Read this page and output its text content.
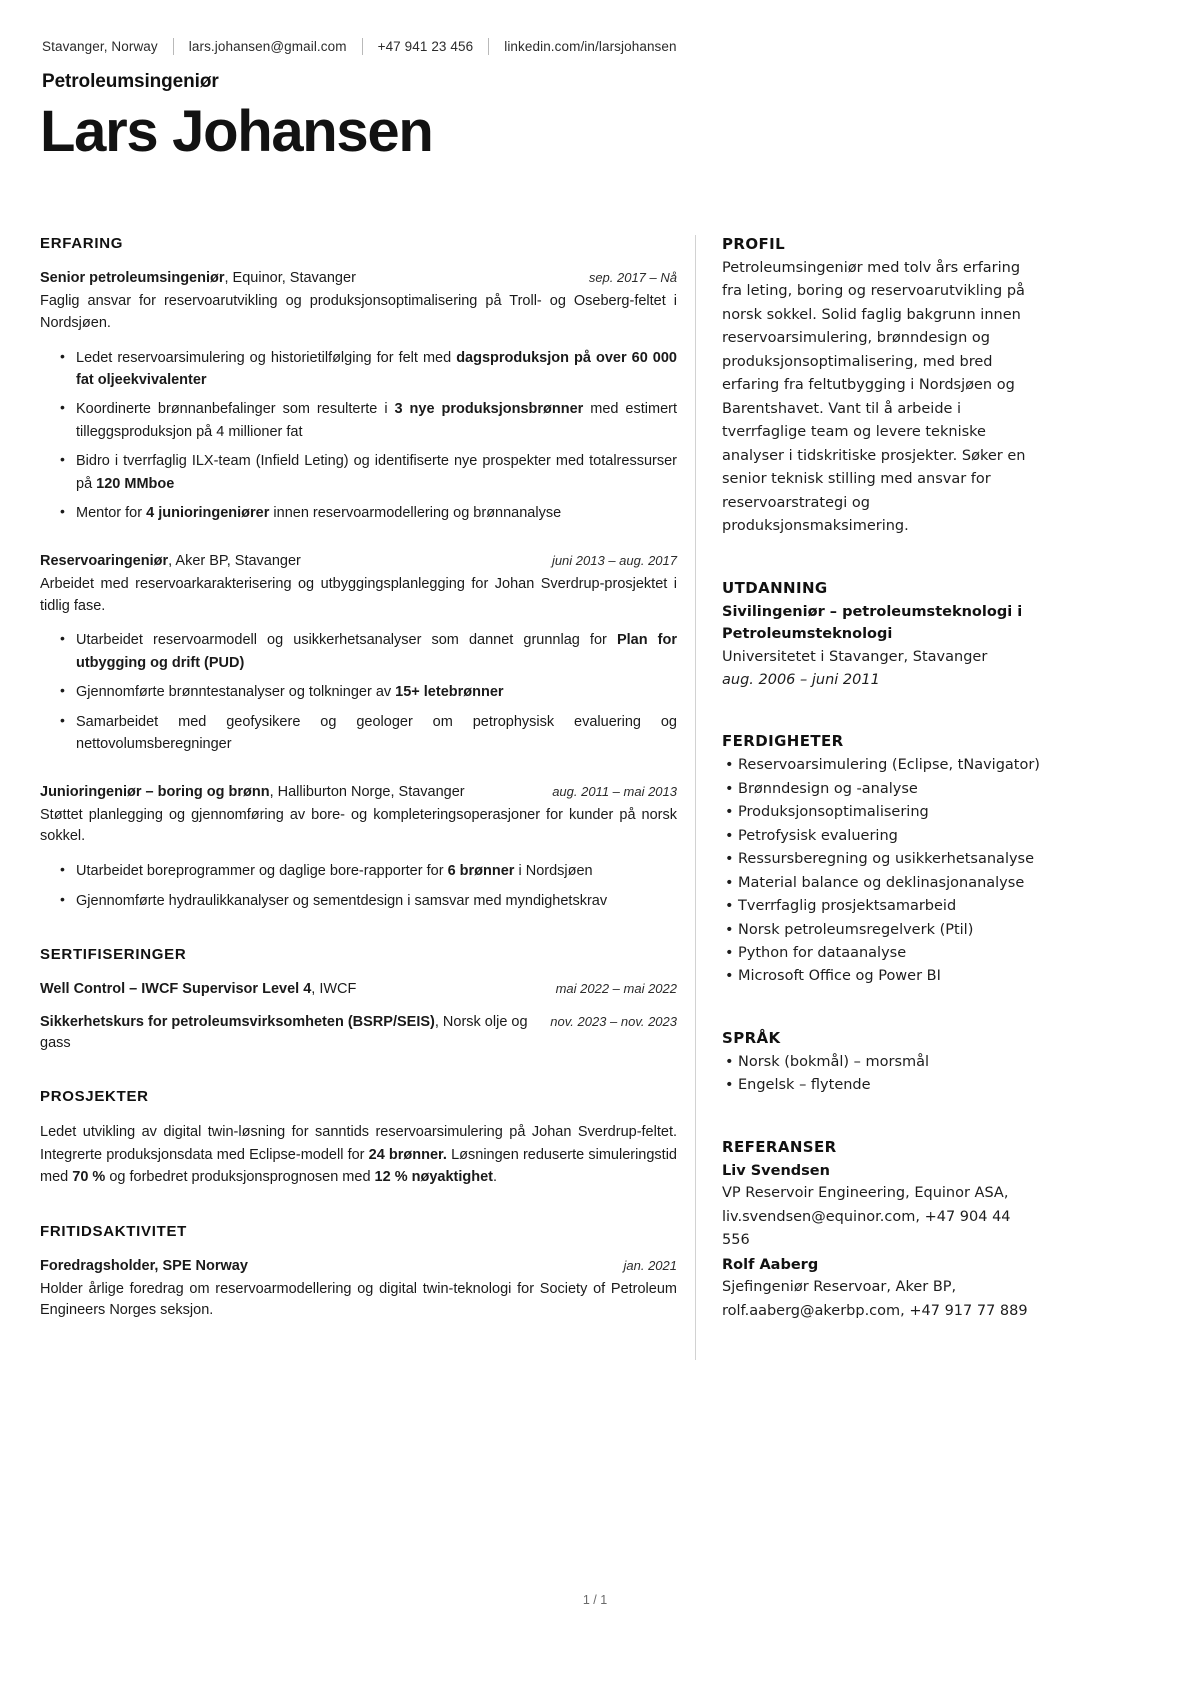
Stavanger, Norway lars.johansen@gmail.com +47 941 23 456 linkedin.com/in/larsjohansen
Petroleumsingeniør
Lars Johansen
ERFARING
Senior petroleumsingeniør, Equinor, Stavanger	sep. 2017 – Nå

Faglig ansvar for reservoarutvikling og produksjonsoptimalisering på Troll- og Oseberg-feltet i Nordsjøen.

• Ledet reservoarsimulering og historietilfølging for felt med dagsproduksjon på over 60 000 fat oljeekvivalenter
• Koordinerte brønnanbefalinger som resulterte i 3 nye produksjonsbrønner med estimert tilleggsproduksjon på 4 millioner fat
• Bidro i tverrfaglig ILX-team (Infield Leting) og identifiserte nye prospekter med totalressurser på 120 MMboe
• Mentor for 4 junioringeniører innen reservoarmodellering og brønnanalyse
Reservoaringeniør, Aker BP, Stavanger	juni 2013 – aug. 2017

Arbeidet med reservoarkarakterisering og utbyggingsplanlegging for Johan Sverdrup-prosjektet i tidlig fase.

• Utarbeidet reservoarmodell og usikkerhetsanalyser som dannet grunnlag for Plan for utbygging og drift (PUD)
• Gjennomførte brønntestanalyser og tolkninger av 15+ letebrønner
• Samarbeidet med geofysikere og geologer om petrophysisk evaluering og nettovolumsberegninger
Junioringeniør – boring og brønn, Halliburton Norge, Stavanger	aug. 2011 – mai 2013

Støttet planlegging og gjennomføring av bore- og kompleteringsoperasjoner for kunder på norsk sokkel.

• Utarbeidet boreprogrammer og daglige bore-rapporter for 6 brønner i Nordsjøen
• Gjennomførte hydraulikkanalyser og sementdesign i samsvar med myndighetskrav
SERTIFISERINGER
Well Control – IWCF Supervisor Level 4, IWCF	mai 2022 – mai 2022
Sikkerhetskurs for petroleumsvirksomheten (BSRP/SEIS), Norsk olje og gass
nov. 2023 – nov. 2023
PROSJEKTER

Ledet utvikling av digital twin-løsning for sanntids reservoarsimulering på Johan Sverdrup-feltet. Integrerte produksjonsdata med Eclipse-modell for 24 brønner. Løsningen reduserte simuleringstid med 70 % og forbedret produksjonsprognosen med 12 % nøyaktighet.

FRITIDSAKTIVITET
Foredragsholder, SPE Norway	jan. 2021

Holder årlige foredrag om reservoarmodellering og digital twin-teknologi for Society of Petroleum Engineers Norges seksjon.

PROFIL

Petroleumsingeniør med tolv års erfaring fra leting, boring og reservoarutvikling på norsk sokkel. Solid faglig bakgrunn innen reservoarsimulering, brønndesign og produksjonsoptimalisering, med bred erfaring fra feltutbygging i Nordsjøen og Barentshavet. Vant til å arbeide i tverrfaglige team og levere tekniske analyser i tidskritiske prosjekter. Søker en senior teknisk stilling med ansvar for reservoarstrategi og produksjonsmaksimering.

UTDANNING

Sivilingeniør – petroleumsteknologi i Petroleumsteknologi

Universitetet i Stavanger, Stavanger

aug. 2006 – juni 2011

FERDIGHETER
• Reservoarsimulering (Eclipse, tNavigator)
• Brønndesign og -analyse
• Produksjonsoptimalisering
• Petrofysisk evaluering
• Ressursberegning og usikkerhetsanalyse
• Material balance og deklinasjonanalyse
• Tverrfaglig prosjektsamarbeid
• Norsk petroleumsregelverk (Ptil)
• Python for dataanalyse
• Microsoft Office og Power BI
SPRÅK
• Norsk (bokmål) – morsmål
• Engelsk – flytende
REFERANSER

Liv Svendsen

VP Reservoir Engineering, Equinor ASA,

liv.svendsen@equinor.com, +47 904 44 556

Rolf Aaberg

Sjefingeniør Reservoar, Aker BP,

rolf.aaberg@akerbp.com, +47 917 77 889

1 / 1
